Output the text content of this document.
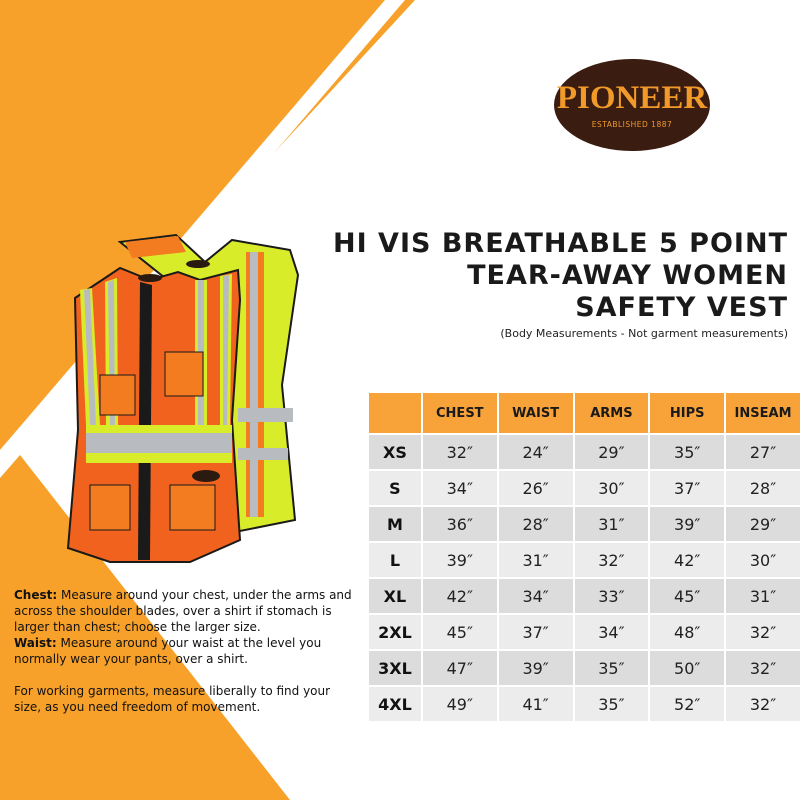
PIONEER
ESTABLISHED 1887
HI VIS BREATHABLE 5 POINT
TEAR-AWAY WOMEN
SAFETY VEST
(Body Measurements - Not garment measurements)
	CHEST	WAIST	ARMS	HIPS	INSEAM
XS	32″	24″	29″	35″	27″
S	34″	26″	30″	37″	28″
M	36″	28″	31″	39″	29″
L	39″	31″	32″	42″	30″
XL	42″	34″	33″	45″	31″
2XL	45″	37″	34″	48″	32″
3XL	47″	39″	35″	50″	32″
4XL	49″	41″	35″	52″	32″

Chest: Measure around your chest, under the arms and across the shoulder blades, over a shirt if stomach is larger than chest; choose the larger size.

Waist: Measure around your waist at the level you normally wear your pants, over a shirt.

For working garments, measure liberally to find your size, as you need freedom of movement.
